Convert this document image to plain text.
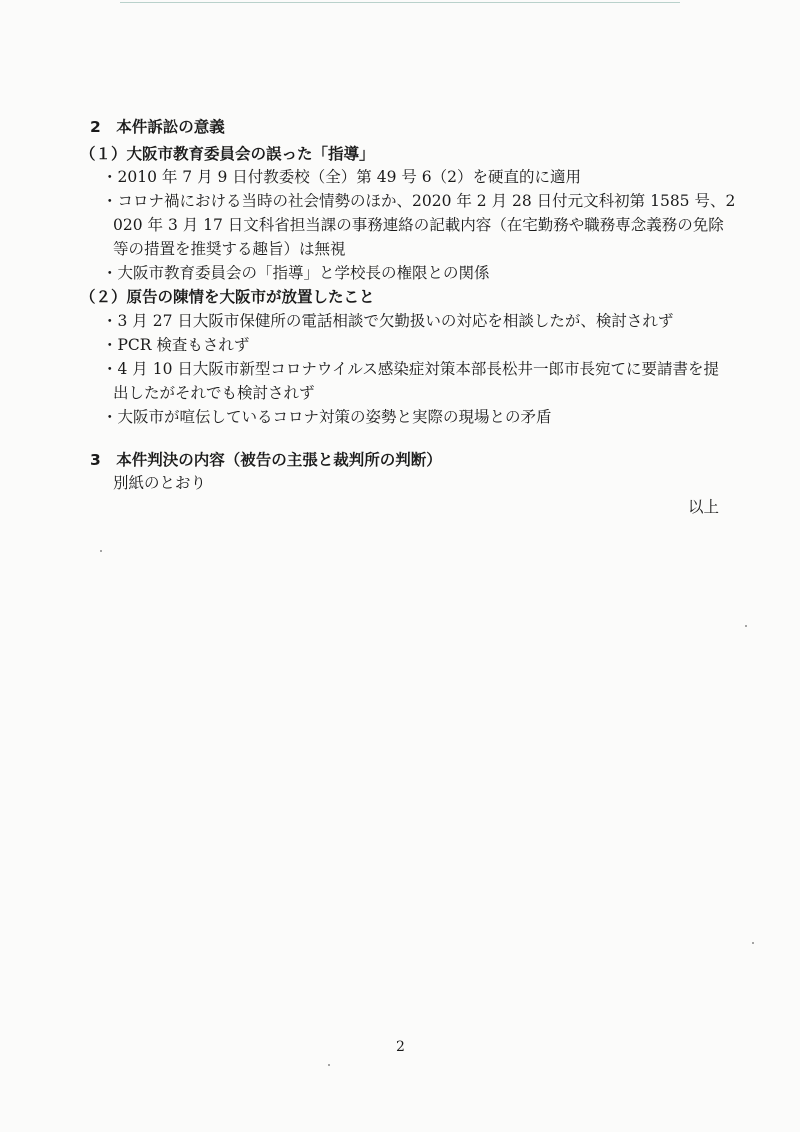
2　本件訴訟の意義
（１）大阪市教育委員会の誤った「指導」
・2010 年 7 月 9 日付教委校（全）第 49 号 6（2）を硬直的に適用
・コロナ禍における当時の社会情勢のほか、2020 年 2 月 28 日付元文科初第 1585 号、2
020 年 3 月 17 日文科省担当課の事務連絡の記載内容（在宅勤務や職務専念義務の免除
等の措置を推奨する趣旨）は無視
・大阪市教育委員会の「指導」と学校長の権限との関係
（２）原告の陳情を大阪市が放置したこと
・3 月 27 日大阪市保健所の電話相談で欠勤扱いの対応を相談したが、検討されず
・PCR 検査もされず
・4 月 10 日大阪市新型コロナウイルス感染症対策本部長松井一郎市長宛てに要請書を提
出したがそれでも検討されず
・大阪市が喧伝しているコロナ対策の姿勢と実際の現場との矛盾
3　本件判決の内容（被告の主張と裁判所の判断）
別紙のとおり
以上
2
